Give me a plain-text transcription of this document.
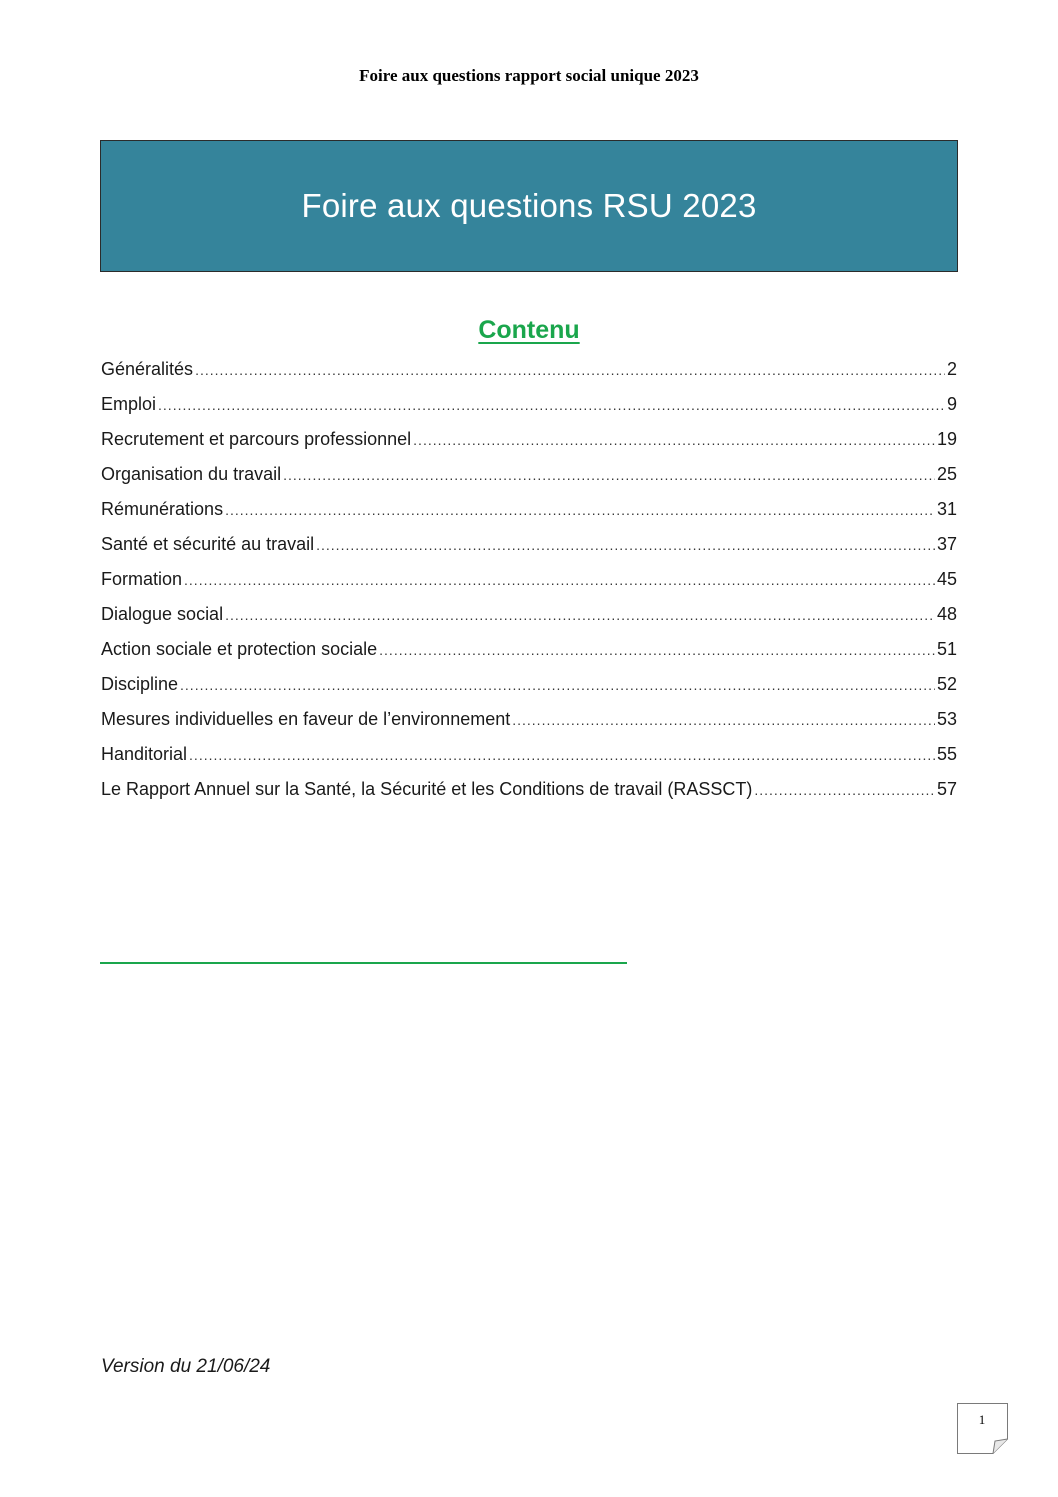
Foire aux questions rapport social unique 2023
Foire aux questions RSU 2023
Contenu
Généralités .....	2
Emploi .....	9
Recrutement et parcours professionnel .....	19
Organisation du travail .....	25
Rémunérations .....	31
Santé et sécurité au travail .....	37
Formation .....	45
Dialogue social .....	48
Action sociale et protection sociale .....	51
Discipline .....	52
Mesures individuelles en faveur de l’environnement .....	53
Handitorial .....	55
Le Rapport Annuel sur la Santé, la Sécurité et les Conditions de travail (RASSCT) .....	57
Version du 21/06/24
1
